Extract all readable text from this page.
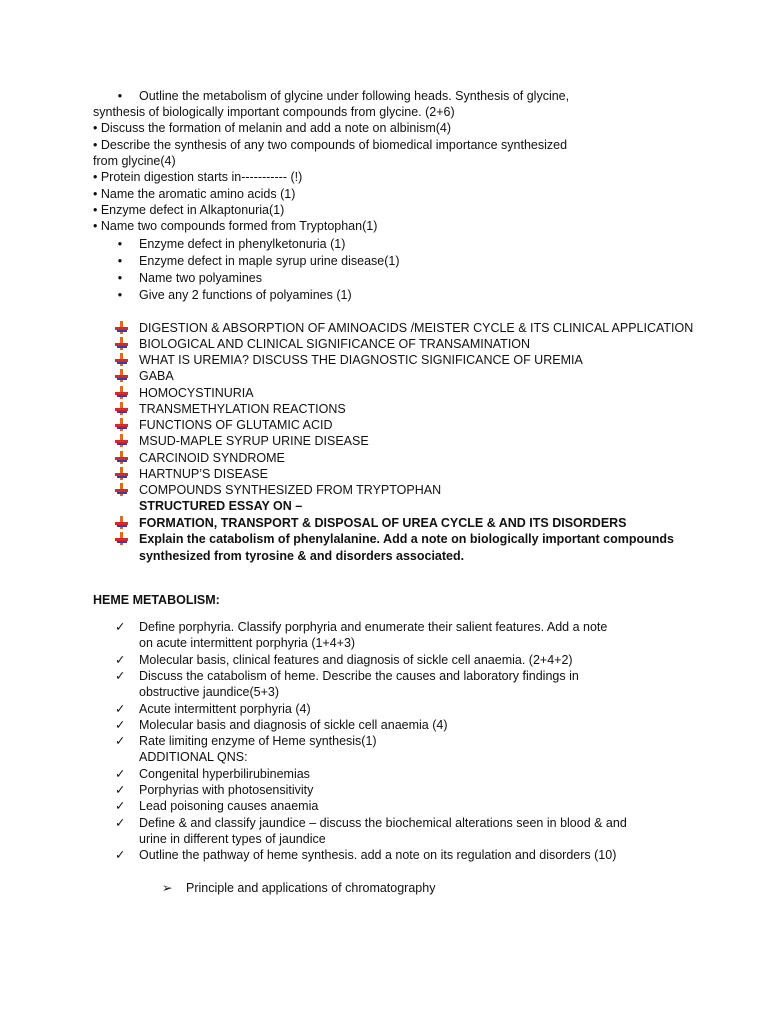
• Outline the metabolism of glycine under following heads. Synthesis of glycine,
synthesis of biologically important compounds from glycine. (2+6)
• Discuss the formation of melanin and add a note on albinism(4)
• Describe the synthesis of any two compounds of biomedical importance synthesized
from glycine(4)
• Protein digestion starts in----------- (!)
• Name the aromatic amino acids (1)
• Enzyme defect in Alkaptonuria(1)
• Name two compounds formed from Tryptophan(1)
• Enzyme defect in phenylketonuria (1)
• Enzyme defect in maple syrup urine disease(1)
• Name two polyamines
• Give any 2 functions of polyamines (1)
DIGESTION & ABSORPTION OF AMINOACIDS /MEISTER CYCLE & ITS CLINICAL APPLICATION
BIOLOGICAL AND CLINICAL SIGNIFICANCE OF TRANSAMINATION
WHAT IS UREMIA? DISCUSS THE DIAGNOSTIC SIGNIFICANCE OF UREMIA
GABA
HOMOCYSTINURIA
TRANSMETHYLATION REACTIONS
FUNCTIONS OF GLUTAMIC ACID
MSUD-MAPLE SYRUP URINE DISEASE
CARCINOID SYNDROME
HARTNUP’S DISEASE
COMPOUNDS SYNTHESIZED FROM TRYPTOPHAN
STRUCTURED ESSAY ON –
FORMATION, TRANSPORT & DISPOSAL OF UREA CYCLE & AND ITS DISORDERS
Explain the catabolism of phenylalanine. Add a note on biologically important compounds
synthesized from tyrosine & and disorders associated.
HEME METABOLISM:
✓ Define porphyria. Classify porphyria and enumerate their salient features. Add a note
on acute intermittent porphyria (1+4+3)
✓ Molecular basis, clinical features and diagnosis of sickle cell anaemia. (2+4+2)
✓ Discuss the catabolism of heme. Describe the causes and laboratory findings in
obstructive jaundice(5+3)
✓ Acute intermittent porphyria (4)
✓ Molecular basis and diagnosis of sickle cell anaemia (4)
✓ Rate limiting enzyme of Heme synthesis(1)
ADDITIONAL QNS:
✓ Congenital hyperbilirubinemias
✓ Porphyrias with photosensitivity
✓ Lead poisoning causes anaemia
✓ Define & and classify jaundice – discuss the biochemical alterations seen in blood & and
urine in different types of jaundice
✓ Outline the pathway of heme synthesis. add a note on its regulation and disorders (10)
➢ Principle and applications of chromatography
